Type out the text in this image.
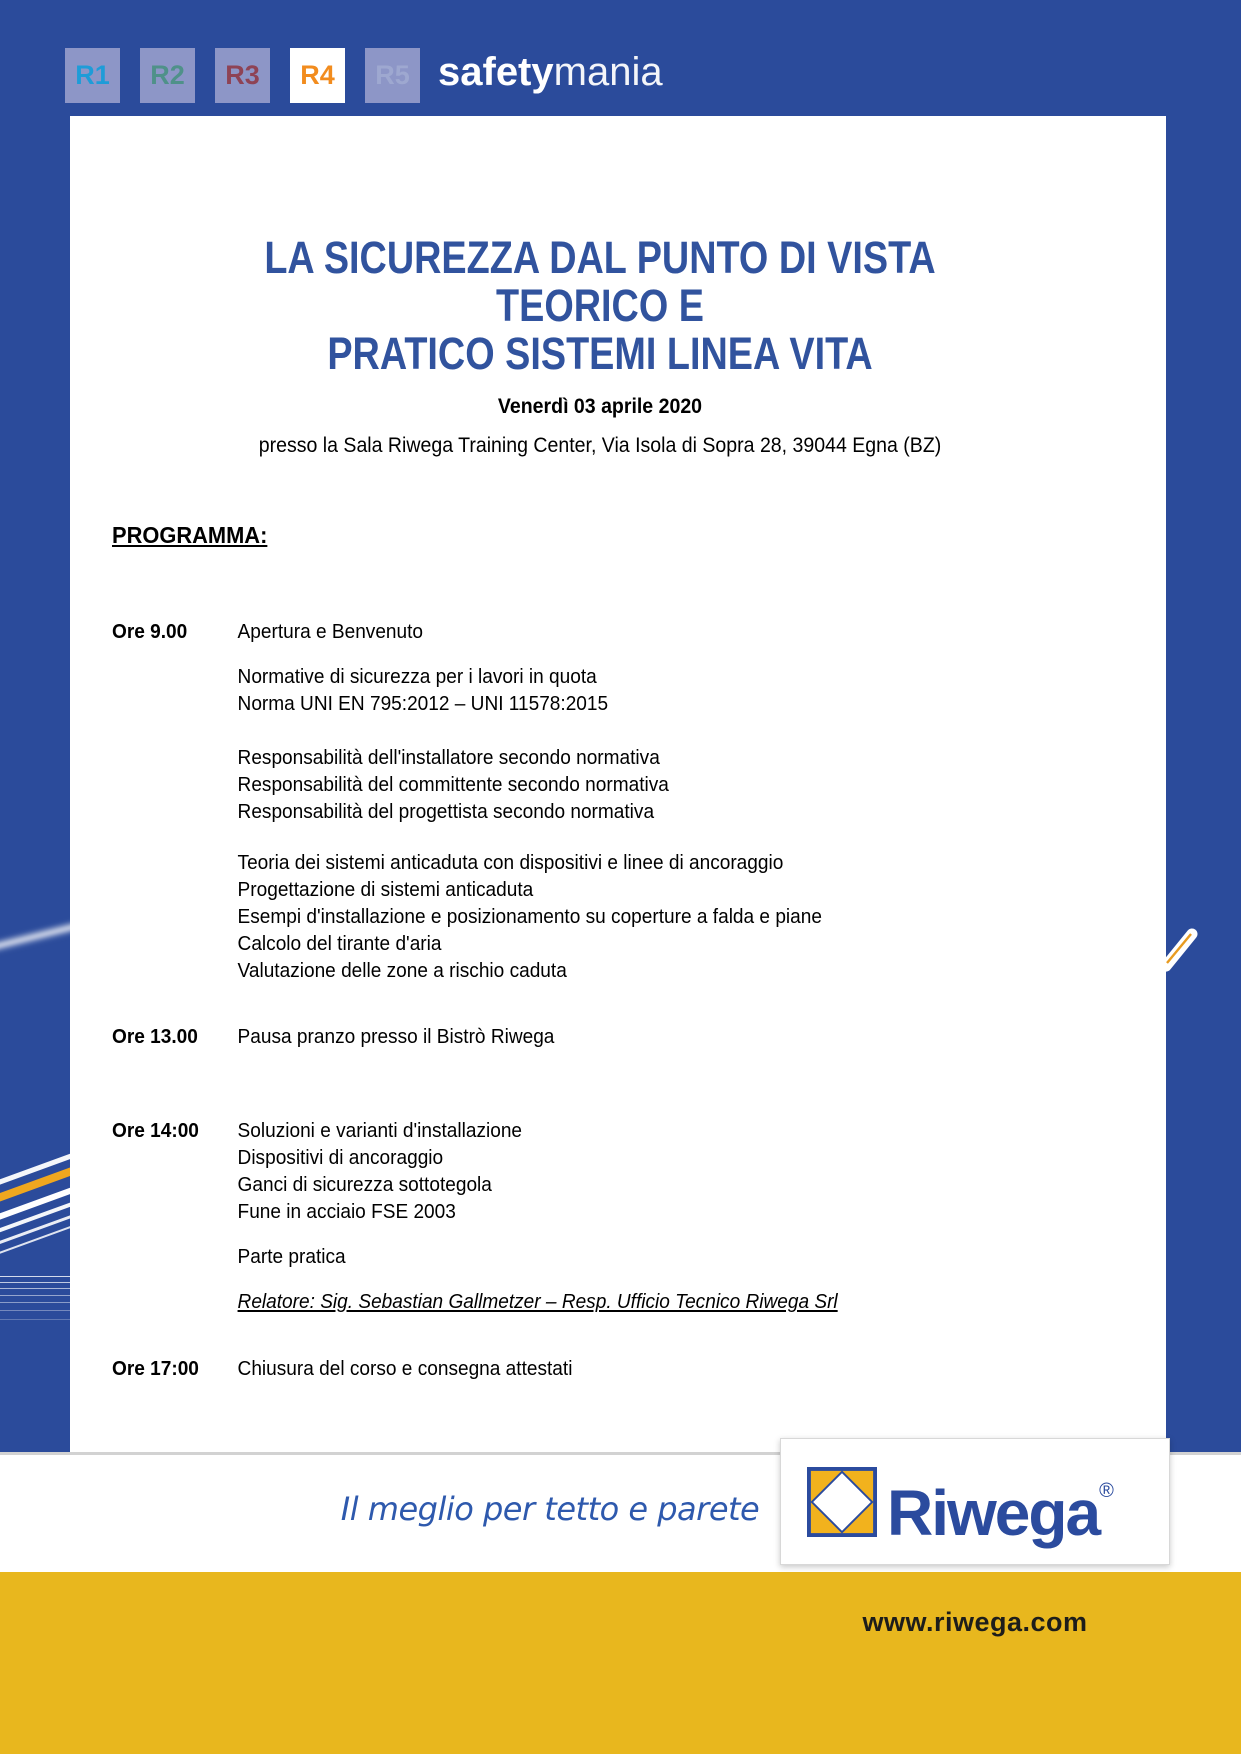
R1 R2 R3 R4 R5 safetymania
LA SICUREZZA DAL PUNTO DI VISTA TEORICO E
PRATICO SISTEMI LINEA VITA
Venerdì 03 aprile 2020
presso la Sala Riwega Training Center, Via Isola di Sopra 28, 39044 Egna (BZ)
PROGRAMMA:
Ore 9.00 Apertura e Benvenuto
Normative di sicurezza per i lavori in quota
Norma UNI EN 795:2012 – UNI 11578:2015
Responsabilità dell'installatore secondo normativa
Responsabilità del committente secondo normativa
Responsabilità del progettista secondo normativa
Teoria dei sistemi anticaduta con dispositivi e linee di ancoraggio
Progettazione di sistemi anticaduta
Esempi d'installazione e posizionamento su coperture a falda e piane
Calcolo del tirante d'aria
Valutazione delle zone a rischio caduta
Ore 13.00 Pausa pranzo presso il Bistrò Riwega
Ore 14:00 Soluzioni e varianti d'installazione
Dispositivi di ancoraggio
Ganci di sicurezza sottotegola
Fune in acciaio FSE 2003
Parte pratica
Relatore: Sig. Sebastian Gallmetzer – Resp. Ufficio Tecnico Riwega Srl
Ore 17:00 Chiusura del corso e consegna attestati
Il meglio per tetto e parete	Riwega®
www.riwega.com
